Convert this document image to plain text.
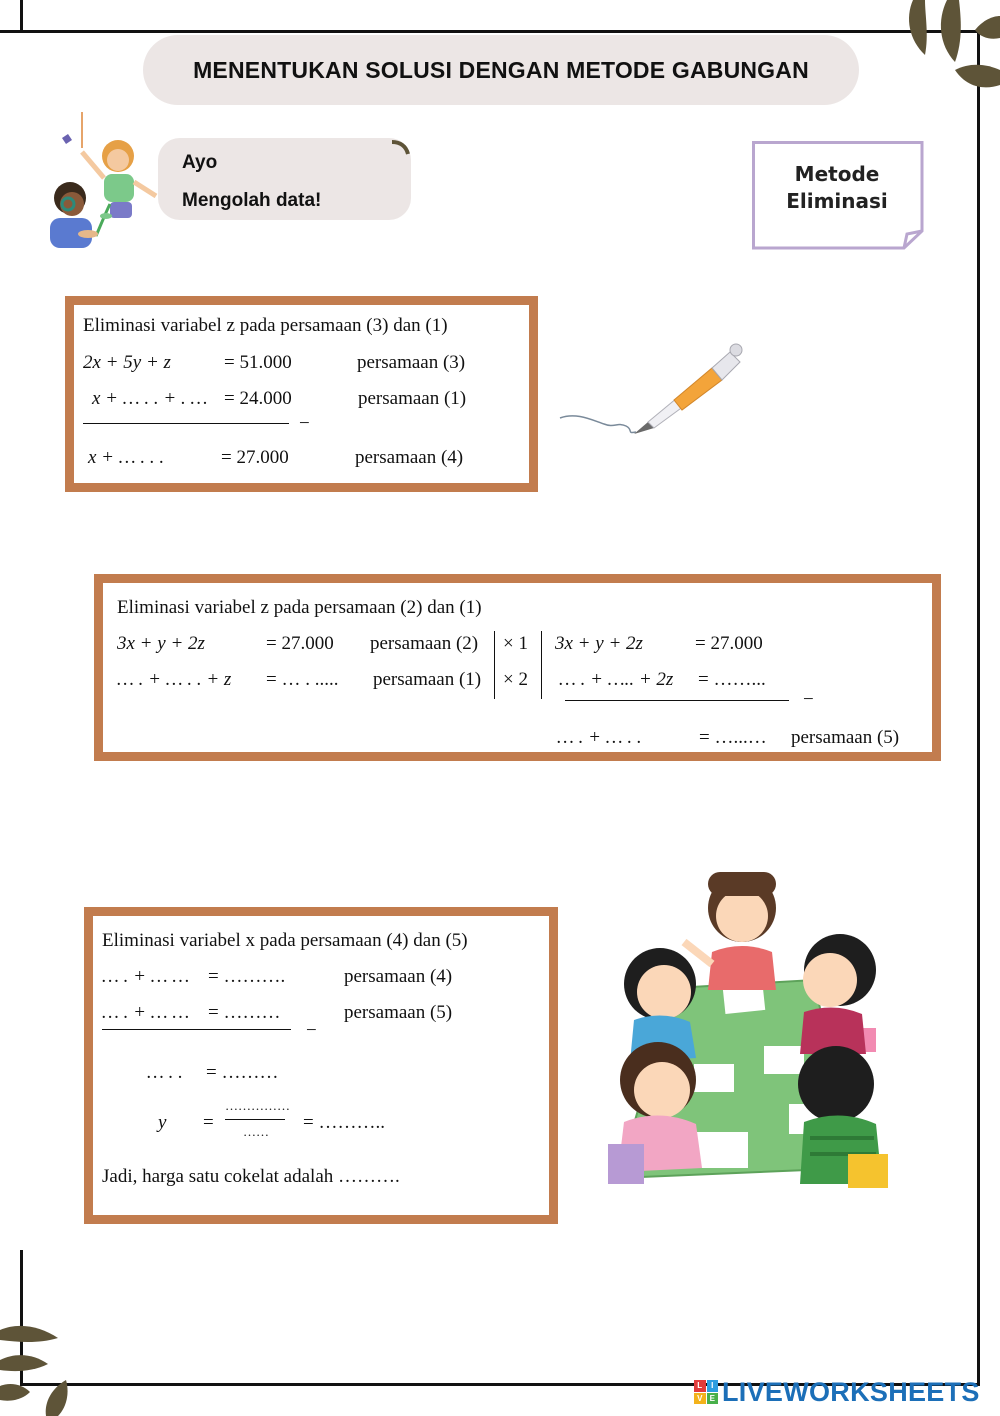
MENENTUKAN SOLUSI DENGAN METODE GABUNGAN
Ayo
Mengolah data!
Metode
Eliminasi
Eliminasi variabel z pada persamaan (3) dan (1)
2x + 5y + z	= 51.000	persamaan (3)
x + … . . + . … = 24.000	persamaan (1)
−
x + … . . .	= 27.000	persamaan (4)
Eliminasi variabel z pada persamaan (2) dan (1)
3x + y + 2z	= 27.000 persamaan (2)
… . + … . . + z = … . ..... persamaan (1)
× 1
× 2
3x + y + 2z	= 27.000
… . + ….. + 2z = ……...
−
… . + … . .	= …...… persamaan (5)
Eliminasi variabel x pada persamaan (4) dan (5)
… . + … … = ……….	persamaan (4)
… . + … … = ………	persamaan (5)
−
… . . = ………
y =
……………
…… = ………..
Jadi, harga satu cokelat adalah ……….
L	I
V E LIVEWORKSHEETS
